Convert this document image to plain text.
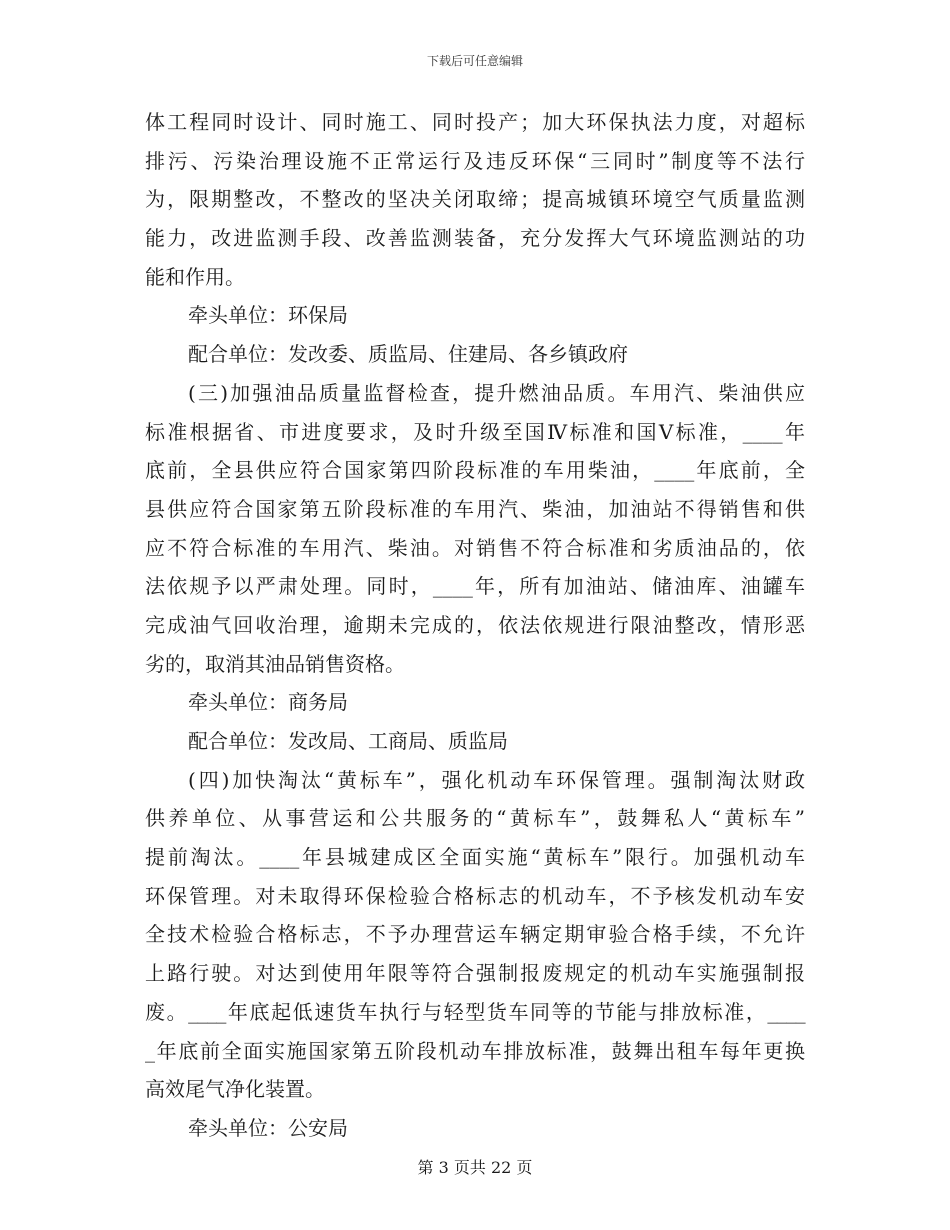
下载后可任意编辑
体工程同时设计、同时施工、同时投产；加大环保执法力度，对超标
排污、污染治理设施不正常运行及违反环保“三同时”制度等不法行
为，限期整改，不整改的坚决关闭取缔；提高城镇环境空气质量监测
能力，改进监测手段、改善监测装备，充分发挥大气环境监测站的功
能和作用。
牵头单位：环保局
配合单位：发改委、质监局、住建局、各乡镇政府
(三)加强油品质量监督检查，提升燃油品质。车用汽、柴油供应
标准根据省、市进度要求，及时升级至国Ⅳ标准和国Ⅴ标准，____年
底前，全县供应符合国家第四阶段标准的车用柴油，____年底前，全
县供应符合国家第五阶段标准的车用汽、柴油，加油站不得销售和供
应不符合标准的车用汽、柴油。对销售不符合标准和劣质油品的，依
法依规予以严肃处理。同时，____年，所有加油站、储油库、油罐车
完成油气回收治理，逾期未完成的，依法依规进行限油整改，情形恶
劣的，取消其油品销售资格。
牵头单位：商务局
配合单位：发改局、工商局、质监局
(四)加快淘汰“黄标车”，强化机动车环保管理。强制淘汰财政
供养单位、从事营运和公共服务的“黄标车”，鼓舞私人“黄标车”
提前淘汰。____年县城建成区全面实施“黄标车”限行。加强机动车
环保管理。对未取得环保检验合格标志的机动车，不予核发机动车安
全技术检验合格标志，不予办理营运车辆定期审验合格手续，不允许
上路行驶。对达到使用年限等符合强制报废规定的机动车实施强制报
废。____年底起低速货车执行与轻型货车同等的节能与排放标准，____
_年底前全面实施国家第五阶段机动车排放标准，鼓舞出租车每年更换
高效尾气净化装置。
牵头单位：公安局
第 3 页共 22 页
